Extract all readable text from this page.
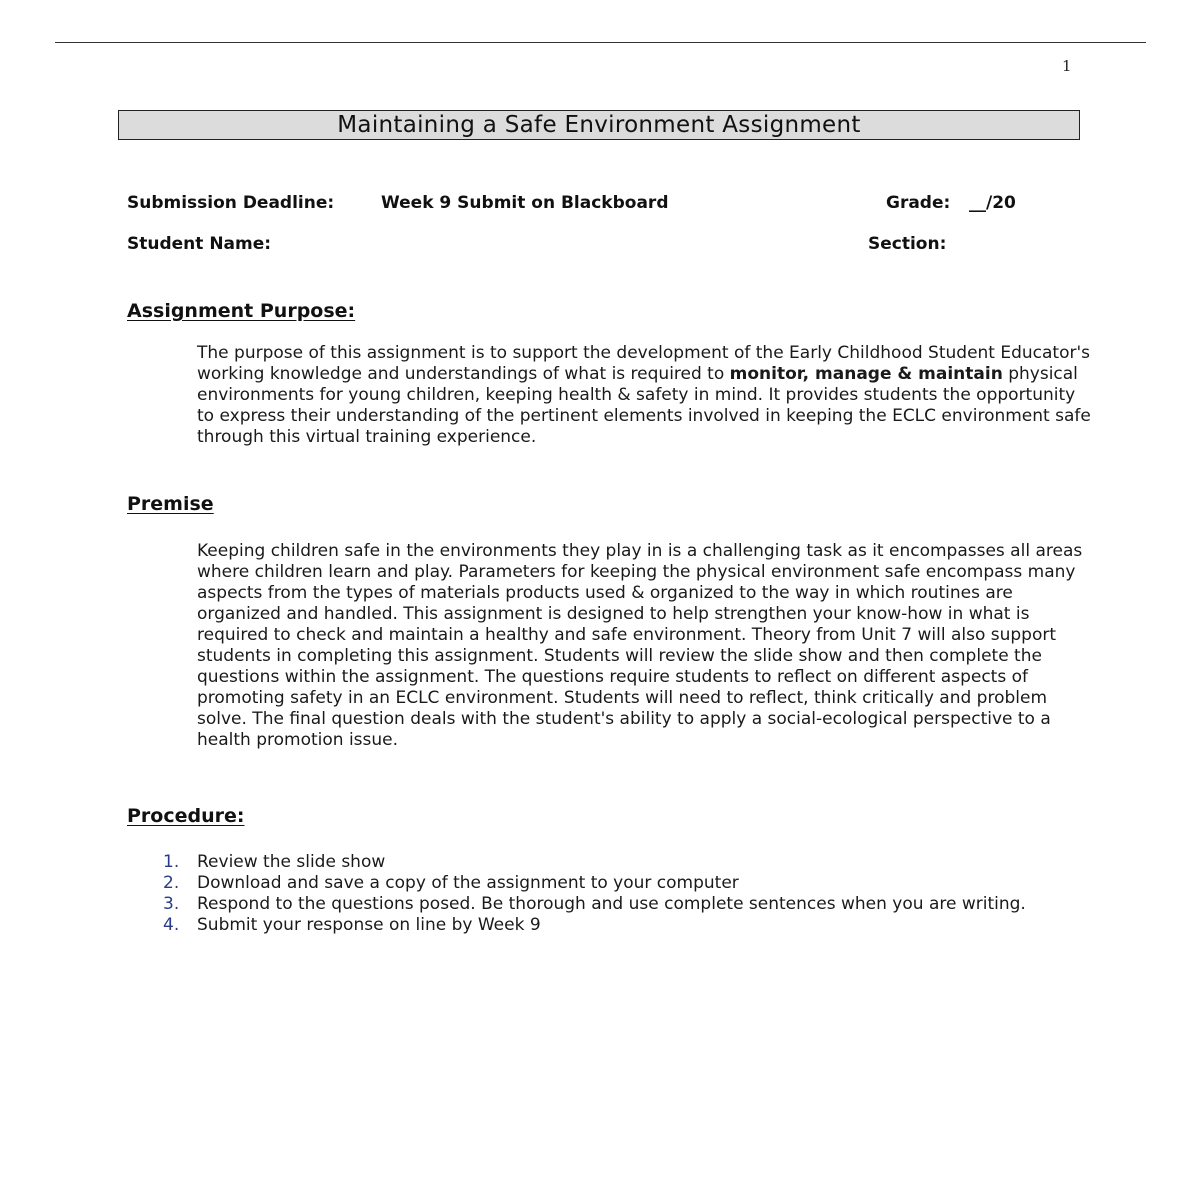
1
Maintaining a Safe Environment Assignment
Submission Deadline:	Week 9 Submit on Blackboard	Grade: __/20
Student Name:	Section:
Assignment Purpose:

The purpose of this assignment is to support the development of the Early Childhood Student Educator's working knowledge and understandings of what is required to monitor, manage & maintain physical environments for young children, keeping health & safety in mind. It provides students the opportunity to express their understanding of the pertinent elements involved in keeping the ECLC environment safe through this virtual training experience.

Premise

Keeping children safe in the environments they play in is a challenging task as it encompasses all areas where children learn and play. Parameters for keeping the physical environment safe encompass many aspects from the types of materials products used & organized to the way in which routines are organized and handled. This assignment is designed to help strengthen your know-how in what is required to check and maintain a healthy and safe environment. Theory from Unit 7 will also support students in completing this assignment. Students will review the slide show and then complete the questions within the assignment. The questions require students to reflect on different aspects of promoting safety in an ECLC environment. Students will need to reflect, think critically and problem solve. The final question deals with the student's ability to apply a social-ecological perspective to a health promotion issue.

Procedure:
1. Review the slide show
2. Download and save a copy of the assignment to your computer
3. Respond to the questions posed. Be thorough and use complete sentences when you are writing.
4. Submit your response on line by Week 9
